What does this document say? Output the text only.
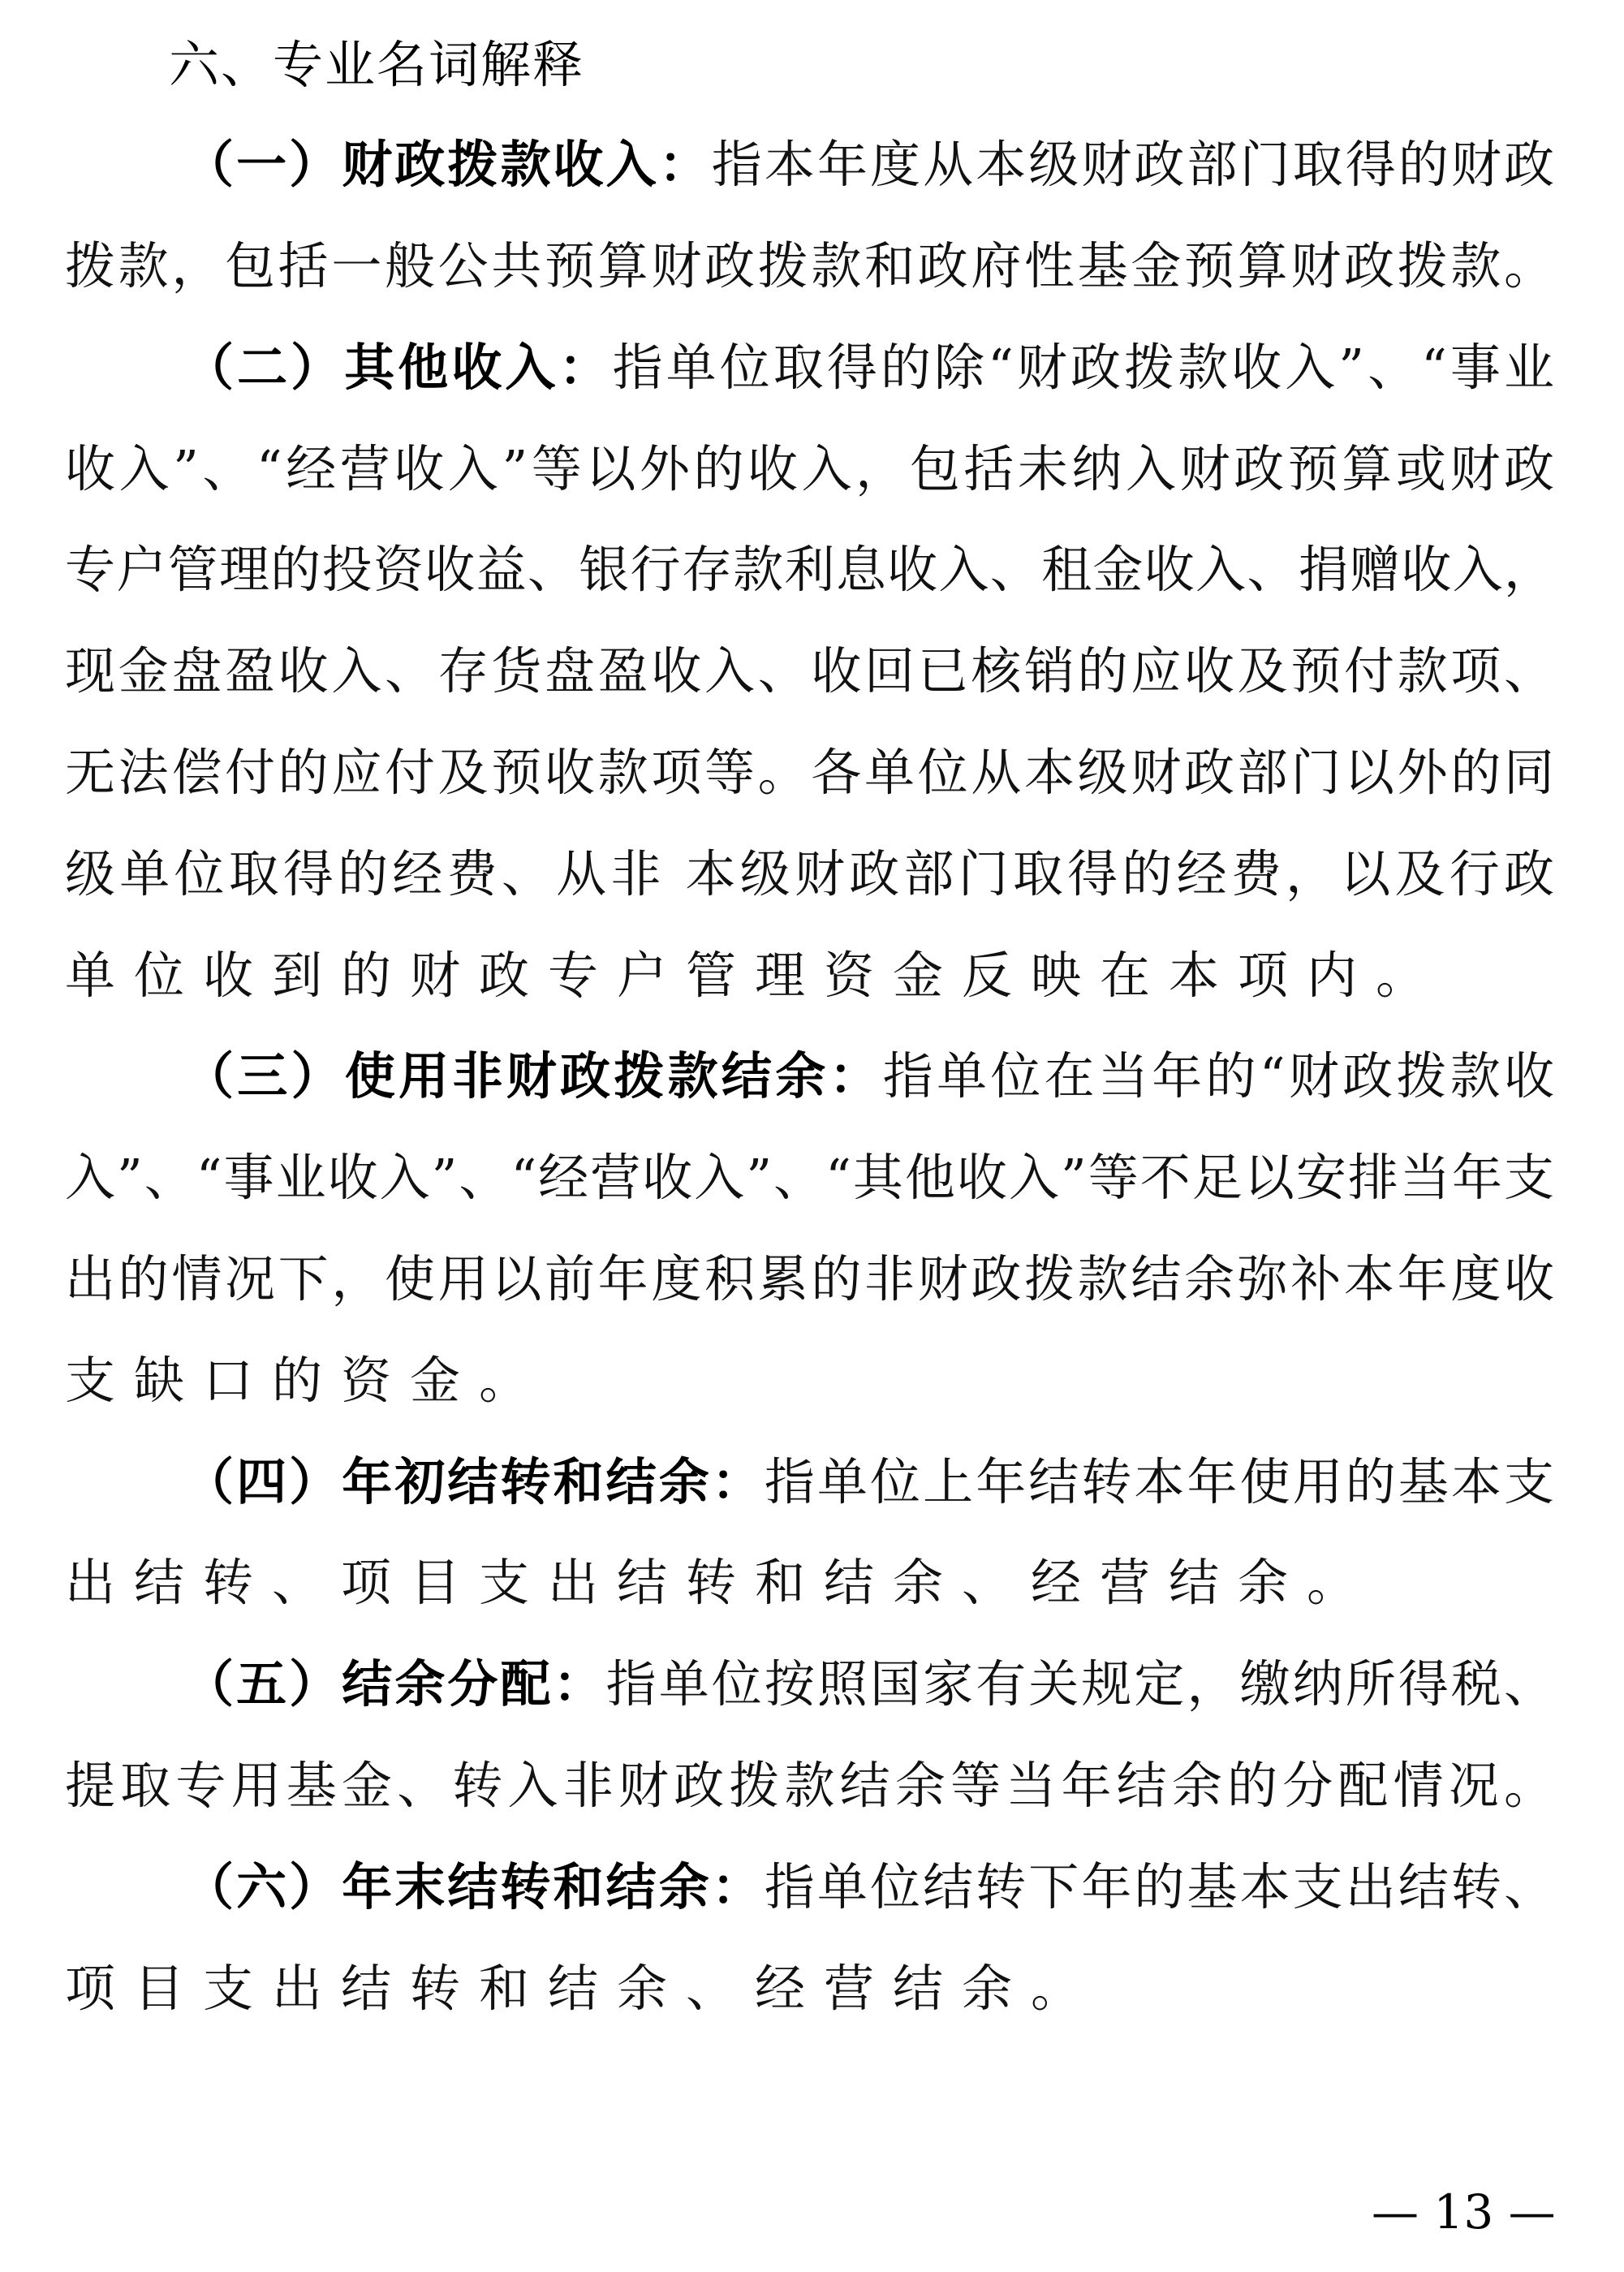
六、专业名词解释
（一）财政拨款收入：指本年度从本级财政部门取得的财政
拨款，包括一般公共预算财政拨款和政府性基金预算财政拨款。
（二）其他收入：指单位取得的除“财政拨款收入”、“事业
收入”、“经营收入”等以外的收入，包括未纳入财政预算或财政
专户管理的投资收益、银行存款利息收入、租金收入、捐赠收入，
现金盘盈收入、存货盘盈收入、收回已核销的应收及预付款项、
无法偿付的应付及预收款项等。各单位从本级财政部门以外的同
级单位取得的经费、从非 本级财政部门取得的经费，以及行政
单位收到的财政专户管理资金反映在本项内。
（三）使用非财政拨款结余：指单位在当年的“财政拨款收
入”、“事业收入”、“经营收入”、“其他收入”等不足以安排当年支
出的情况下，使用以前年度积累的非财政拨款结余弥补本年度收
支缺口的资金。
（四）年初结转和结余：指单位上年结转本年使用的基本支
出结转、项目支出结转和结余、经营结余。
（五）结余分配：指单位按照国家有关规定，缴纳所得税、
提取专用基金、转入非财政拨款结余等当年结余的分配情况。
（六）年末结转和结余：指单位结转下年的基本支出结转、
项目支出结转和结余、经营结余。
— 13 —
